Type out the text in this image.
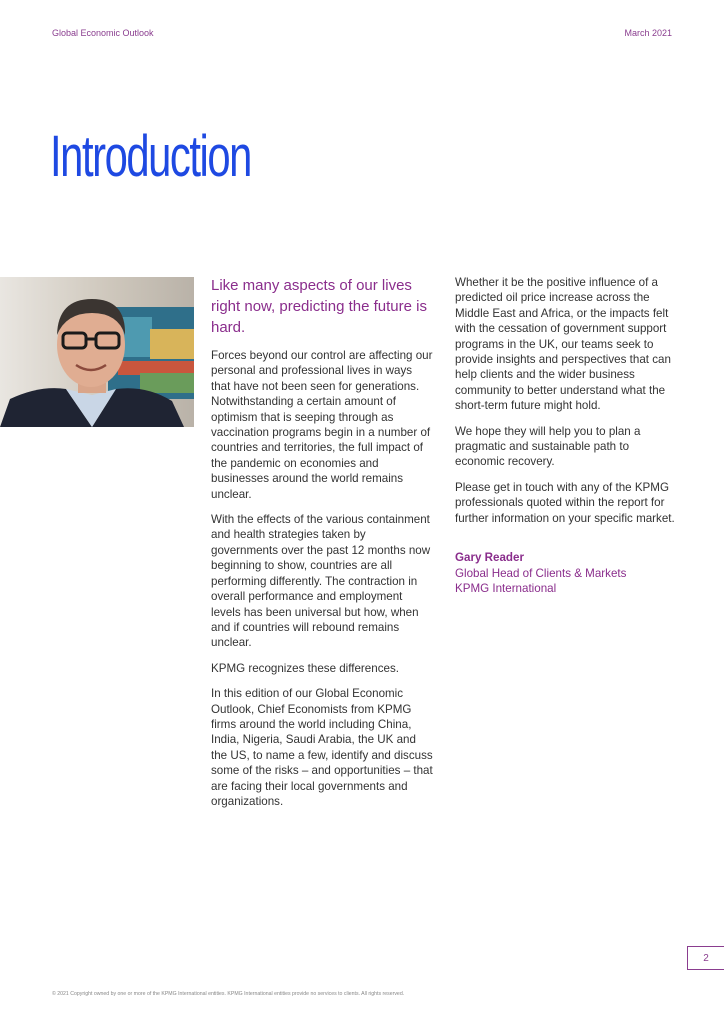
Global Economic Outlook	March 2021
Introduction

Like many aspects of our lives right now, predicting the future is hard.

Forces beyond our control are affecting our personal and professional lives in ways that have not been seen for generations. Notwithstanding a certain amount of optimism that is seeping through as vaccination programs begin in a number of countries and territories, the full impact of the pandemic on economies and businesses around the world remains unclear.

With the effects of the various containment and health strategies taken by governments over the past 12 months now beginning to show, countries are all performing differently. The contraction in overall performance and employment levels has been universal but how, when and if countries will rebound remains unclear.

KPMG recognizes these differences.

In this edition of our Global Economic Outlook, Chief Economists from KPMG firms around the world including China, India, Nigeria, Saudi Arabia, the UK and the US, to name a few, identify and discuss some of the risks – and opportunities – that are facing their local governments and organizations.

Whether it be the positive influence of a predicted oil price increase across the Middle East and Africa, or the impacts felt with the cessation of government support programs in the UK, our teams seek to provide insights and perspectives that can help clients and the wider business community to better understand what the short-term future might hold.

We hope they will help you to plan a pragmatic and sustainable path to economic recovery.

Please get in touch with any of the KPMG professionals quoted within the report for further information on your specific market.

Gary Reader
Global Head of Clients & Markets
KPMG International
2
© 2021 Copyright owned by one or more of the KPMG International entities. KPMG International entities provide no services to clients. All rights reserved.
